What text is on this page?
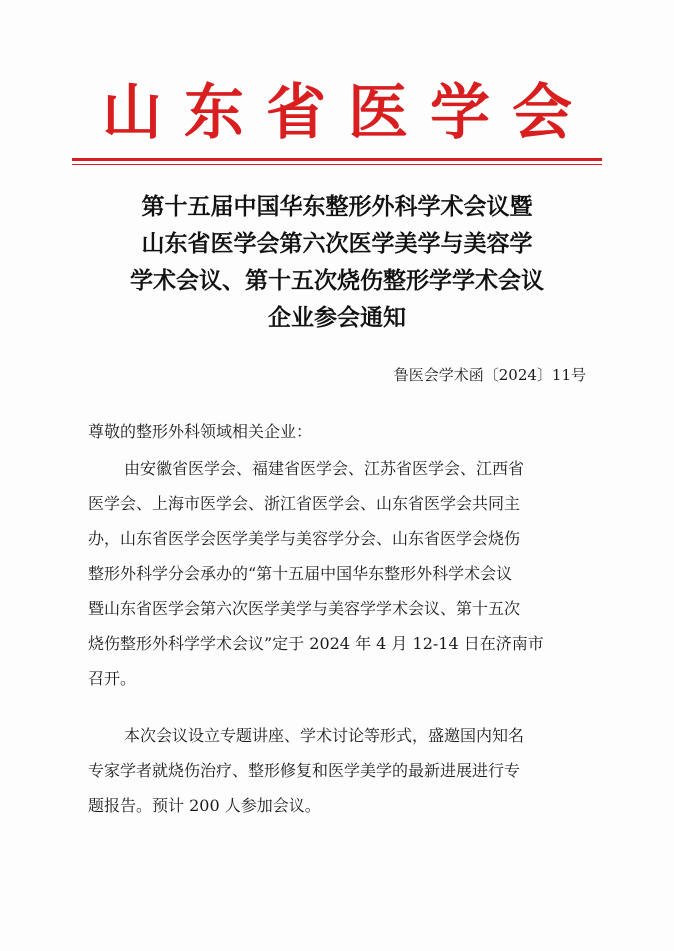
山东省医学会
第十五届中国华东整形外科学术会议暨
山东省医学会第六次医学美学与美容学
学术会议、第十五次烧伤整形学学术会议
企业参会通知
鲁医会学术函〔2024〕11号
尊敬的整形外科领域相关企业：
由安徽省医学会、福建省医学会、江苏省医学会、江西省
医学会、上海市医学会、浙江省医学会、山东省医学会共同主
办，山东省医学会医学美学与美容学分会、山东省医学会烧伤
整形外科学分会承办的“第十五届中国华东整形外科学术会议
暨山东省医学会第六次医学美学与美容学学术会议、第十五次
烧伤整形外科学学术会议”定于 2024 年 4 月 12-14 日在济南市
召开。
本次会议设立专题讲座、学术讨论等形式，盛邀国内知名
专家学者就烧伤治疗、整形修复和医学美学的最新进展进行专
题报告。预计 200 人参加会议。
